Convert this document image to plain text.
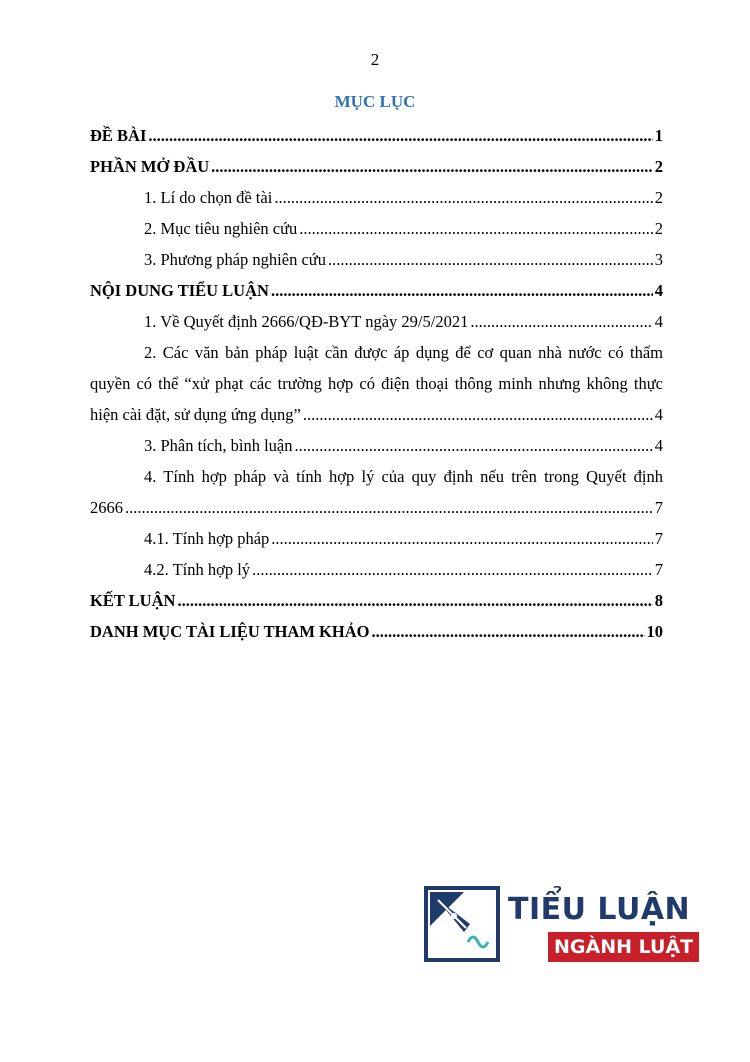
2
MỤC LỤC
ĐỀ BÀI .....	1
PHẦN MỞ ĐẦU .....	2
1. Lí do chọn đề tài .....	2
2. Mục tiêu nghiên cứu .....	2
3. Phương pháp nghiên cứu .....	3
NỘI DUNG TIỂU LUẬN .....	4
1. Về Quyết định 2666/QĐ-BYT ngày 29/5/2021 .....	4
2. Các văn bản pháp luật cần được áp dụng để cơ quan nhà nước có thẩm
quyền có thể “xử phạt các trường hợp có điện thoại thông minh nhưng không thực
hiện cài đặt, sử dụng ứng dụng” .....	4
3. Phân tích, bình luận .....	4
4. Tính hợp pháp và tính hợp lý của quy định nếu trên trong Quyết định
2666 .....	7
4.1. Tính hợp pháp .....	7
4.2. Tính hợp lý .....	7
KẾT LUẬN .....	8
DANH MỤC TÀI LIỆU THAM KHẢO .....	10
TIỂU LUẬN
NGÀNH LUẬT
